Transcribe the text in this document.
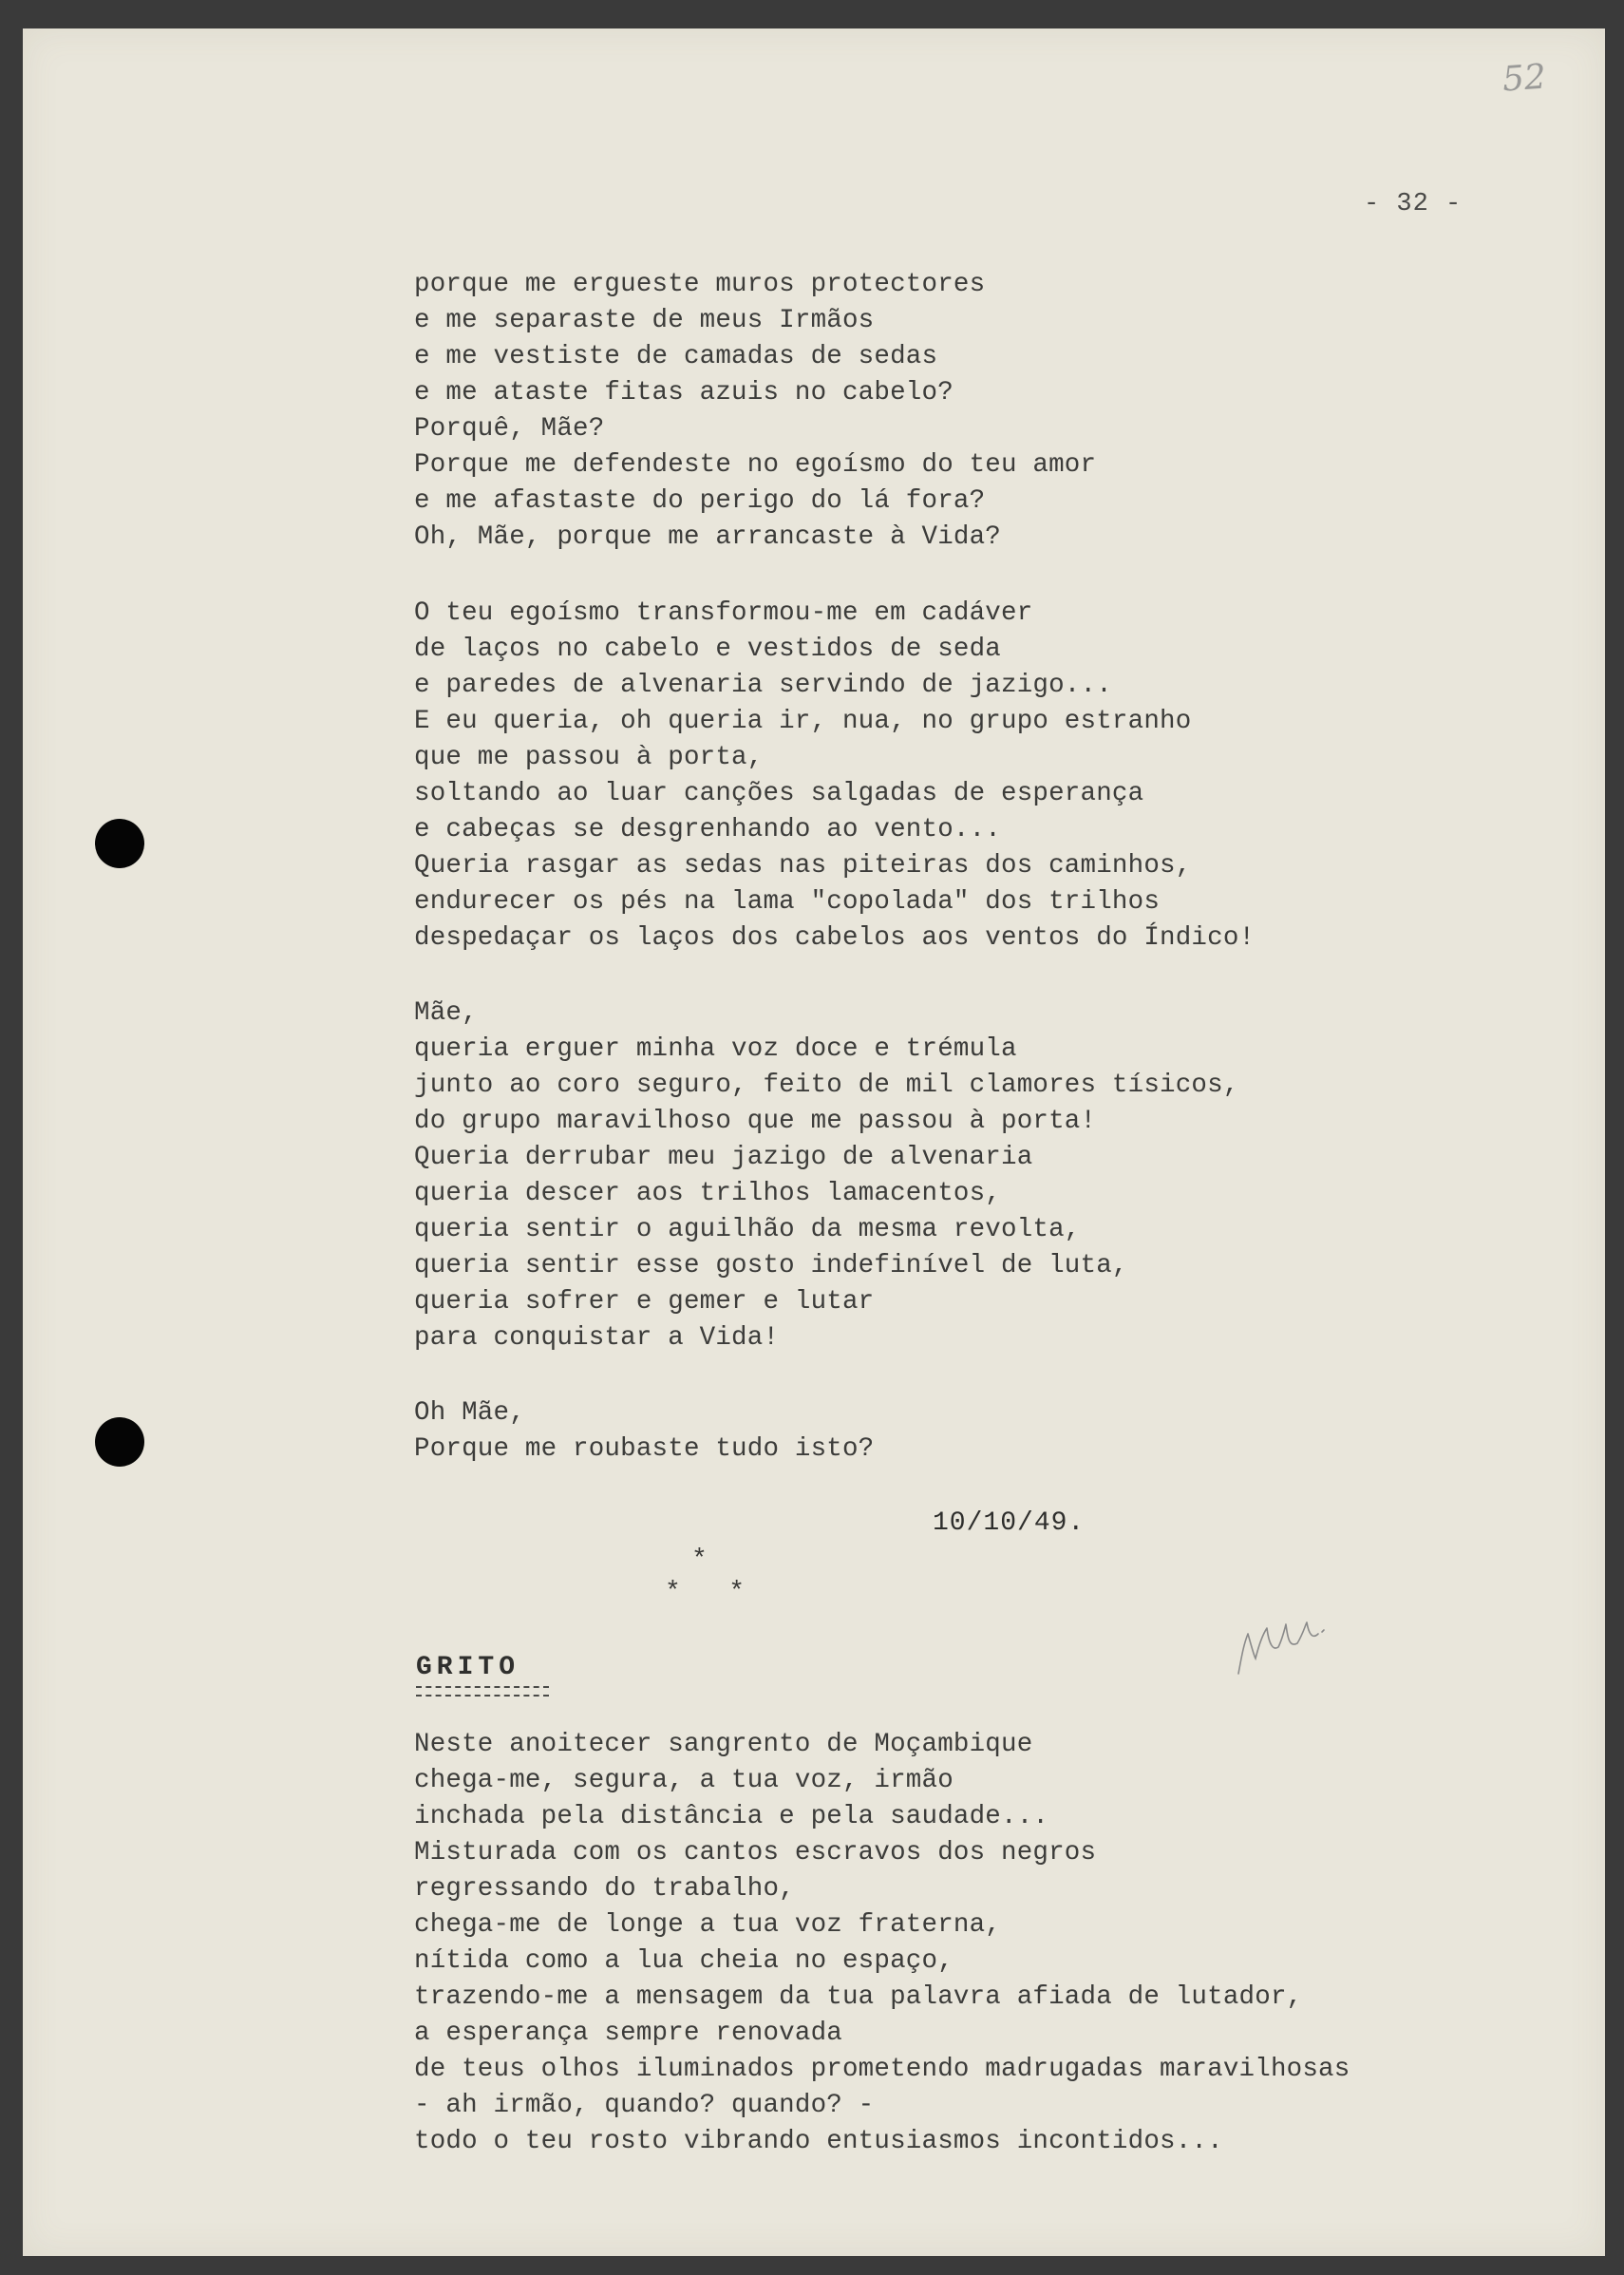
52
- 32 -
porque me ergueste muros protectores
e me separaste de meus Irmãos
e me vestiste de camadas de sedas
e me ataste fitas azuis no cabelo?
Porquê, Mãe?
Porque me defendeste no egoísmo do teu amor
e me afastaste do perigo do lá fora?
Oh, Mãe, porque me arrancaste à Vida?
O teu egoísmo transformou-me em cadáver
de laços no cabelo e vestidos de seda
e paredes de alvenaria servindo de jazigo...
E eu queria, oh queria ir, nua, no grupo estranho
que me passou à porta,
soltando ao luar canções salgadas de esperança
e cabeças se desgrenhando ao vento...
Queria rasgar as sedas nas piteiras dos caminhos,
endurecer os pés na lama "copolada" dos trilhos
despedaçar os laços dos cabelos aos ventos do Índico!
Mãe,
queria erguer minha voz doce e trémula
junto ao coro seguro, feito de mil clamores tísicos,
do grupo maravilhoso que me passou à porta!
Queria derrubar meu jazigo de alvenaria
queria descer aos trilhos lamacentos,
queria sentir o aguilhão da mesma revolta,
queria sentir esse gosto indefinível de luta,
queria sofrer e gemer e lutar
para conquistar a Vida!
Oh Mãe,
Porque me roubaste tudo isto?
10/10/49.
*
*   *
GRITO
Neste anoitecer sangrento de Moçambique
chega-me, segura, a tua voz, irmão
inchada pela distância e pela saudade...
Misturada com os cantos escravos dos negros
regressando do trabalho,
chega-me de longe a tua voz fraterna,
nítida como a lua cheia no espaço,
trazendo-me a mensagem da tua palavra afiada de lutador,
a esperança sempre renovada
de teus olhos iluminados prometendo madrugadas maravilhosas
- ah irmão, quando? quando? -
todo o teu rosto vibrando entusiasmos incontidos...
